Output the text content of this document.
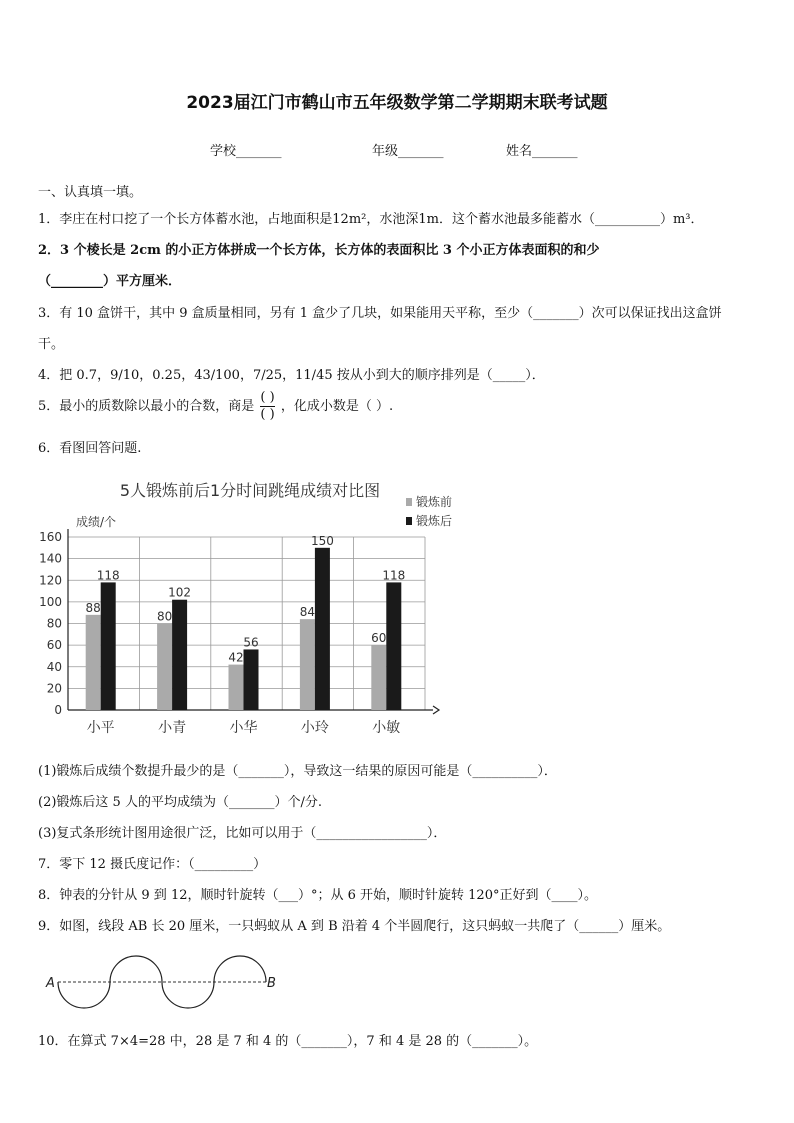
2023届江门市鹤山市五年级数学第二学期期末联考试题
学校_______	年级_______	姓名_______
一、认真填一填。
1．李庄在村口挖了一个长方体蓄水池，占地面积是12m²，水池深1m．这个蓄水池最多能蓄水（__________）m³．
2．3 个棱长是 2cm 的小正方体拼成一个长方体，长方体的表面积比 3 个小正方体表面积的和少
（________）平方厘米．
3．有 10 盒饼干，其中 9 盒质量相同，另有 1 盒少了几块，如果能用天平称，至少（_______）次可以保证找出这盒饼
干。
4．把 0.7，9/10，0.25，43/100，7/25，11/45 按从小到大的顺序排列是（_____）．
5．最小的质数除以最小的合数，商是 $\frac{( )}{( )}$ ，化成小数是（ ）.
6．看图回答问题.
5人锻炼前后1分时间跳绳成绩对比图
成绩/个
88
118
80
102
42
56
84
150
60
118
0
20
40
60
80
100
120
140
160
小平	小青	小华	小玲	小敏
锻炼前
锻炼后
(1)锻炼后成绩个数提升最少的是（_______），导致这一结果的原因可能是（__________）．
(2)锻炼后这 5 人的平均成绩为（_______）个/分.
(3)复式条形统计图用途很广泛，比如可以用于（_________________）．
7．零下 12 摄氏度记作：（_________）
8．钟表的分针从 9 到 12，顺时针旋转（___）°；从 6 开始，顺时针旋转 120°正好到（____）。
9．如图，线段 AB 长 20 厘米，一只蚂蚁从 A 到 B 沿着 4 个半圆爬行，这只蚂蚁一共爬了（______）厘米。
A	B
10．在算式 7×4=28 中，28 是 7 和 4 的（_______），7 和 4 是 28 的（_______）。
